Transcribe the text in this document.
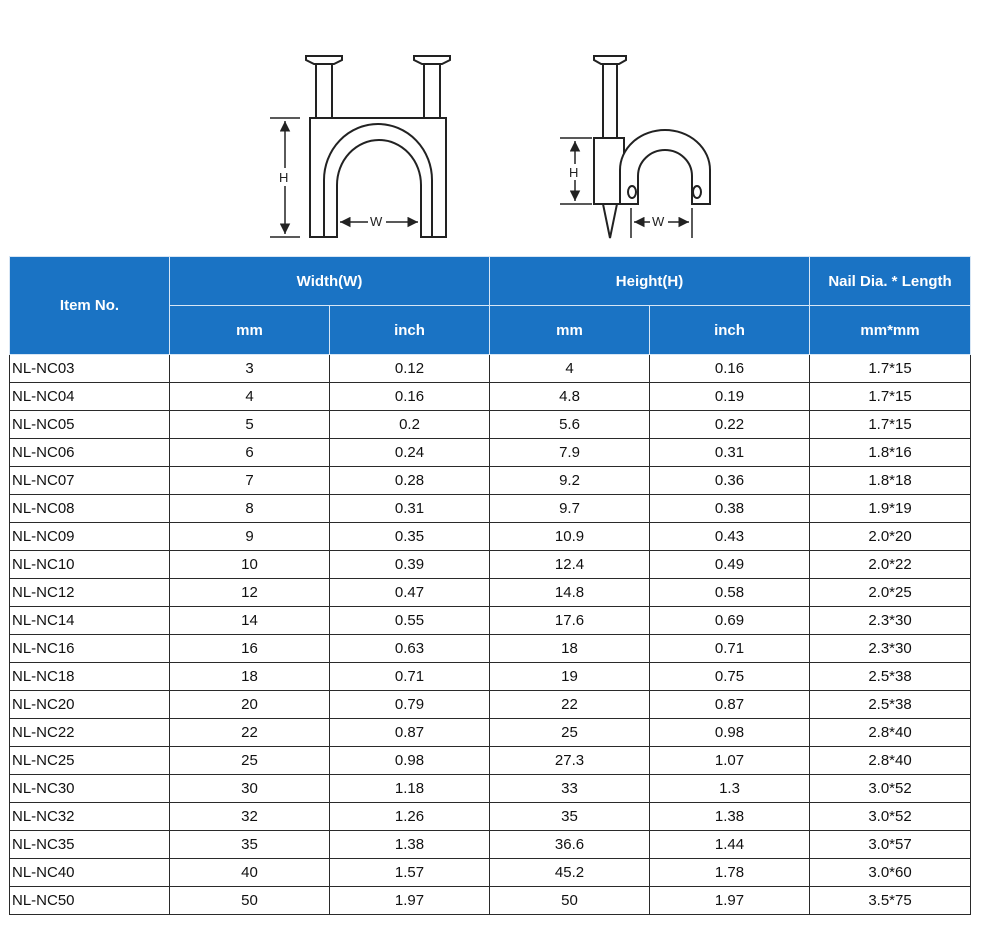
H
W
H
W
Item No.	Width(W)		Height(H)		Nail Dia. * Length
	mm	inch	mm	inch	mm*mm
NL-NC03	3	0.12	4	0.16	1.7*15
NL-NC04	4	0.16	4.8	0.19	1.7*15
NL-NC05	5	0.2	5.6	0.22	1.7*15
NL-NC06	6	0.24	7.9	0.31	1.8*16
NL-NC07	7	0.28	9.2	0.36	1.8*18
NL-NC08	8	0.31	9.7	0.38	1.9*19
NL-NC09	9	0.35	10.9	0.43	2.0*20
NL-NC10	10	0.39	12.4	0.49	2.0*22
NL-NC12	12	0.47	14.8	0.58	2.0*25
NL-NC14	14	0.55	17.6	0.69	2.3*30
NL-NC16	16	0.63	18	0.71	2.3*30
NL-NC18	18	0.71	19	0.75	2.5*38
NL-NC20	20	0.79	22	0.87	2.5*38
NL-NC22	22	0.87	25	0.98	2.8*40
NL-NC25	25	0.98	27.3	1.07	2.8*40
NL-NC30	30	1.18	33	1.3	3.0*52
NL-NC32	32	1.26	35	1.38	3.0*52
NL-NC35	35	1.38	36.6	1.44	3.0*57
NL-NC40	40	1.57	45.2	1.78	3.0*60
NL-NC50	50	1.97	50	1.97	3.5*75
